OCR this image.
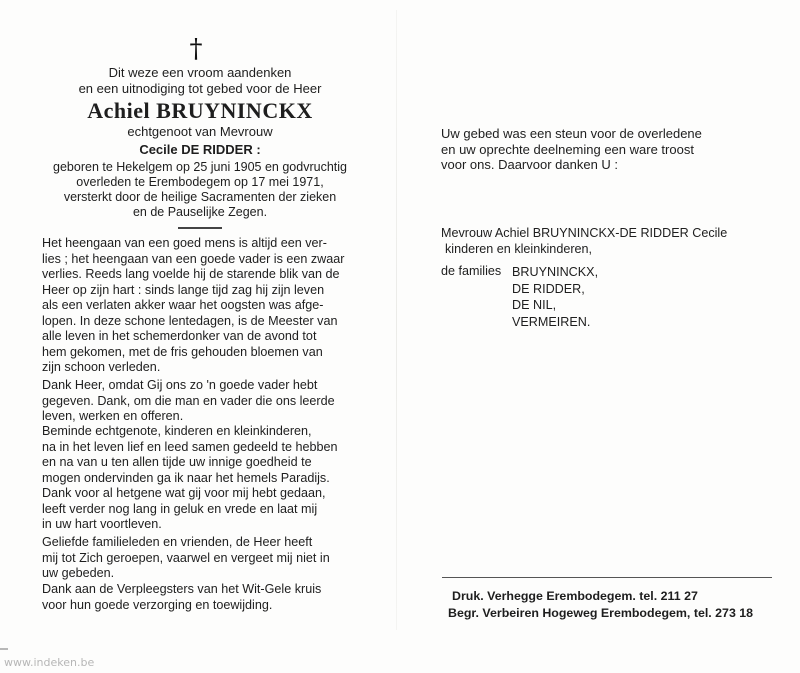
†
Dit weze een vroom aandenken
en een uitnodiging tot gebed voor de Heer
Achiel BRUYNINCKX
echtgenoot van Mevrouw
Cecile DE RIDDER :
geboren te Hekelgem op 25 juni 1905 en godvruchtig
overleden te Erembodegem op 17 mei 1971,
versterkt door de heilige Sacramenten der zieken
en de Pauselijke Zegen.
Het heengaan van een goed mens is altijd een ver-
lies ; het heengaan van een goede vader is een zwaar
verlies. Reeds lang voelde hij de starende blik van de
Heer op zijn hart : sinds lange tijd zag hij zijn leven
als een verlaten akker waar het oogsten was afge-
lopen. In deze schone lentedagen, is de Meester van
alle leven in het schemerdonker van de avond tot
hem gekomen, met de fris gehouden bloemen van
zijn schoon verleden.
Dank Heer, omdat Gij ons zo 'n goede vader hebt
gegeven. Dank, om die man en vader die ons leerde
leven, werken en offeren.
Beminde echtgenote, kinderen en kleinkinderen,
na in het leven lief en leed samen gedeeld te hebben
en na van u ten allen tijde uw innige goedheid te
mogen ondervinden ga ik naar het hemels Paradijs.
Dank voor al hetgene wat gij voor mij hebt gedaan,
leeft verder nog lang in geluk en vrede en laat mij
in uw hart voortleven.
Geliefde familieleden en vrienden, de Heer heeft
mij tot Zich geroepen, vaarwel en vergeet mij niet in
uw gebeden.
Dank aan de Verpleegsters van het Wit-Gele kruis
voor hun goede verzorging en toewijding.
Uw gebed was een steun voor de overledene
en uw oprechte deelneming een ware troost
voor ons. Daarvoor danken U :
Mevrouw Achiel BRUYNINCKX-DE RIDDER Cecile
kinderen en kleinkinderen,
de families BRUYNINCKX,
DE RIDDER,
DE NIL,
VERMEIREN.
Druk. Verhegge Erembodegem. tel. 211 27
Begr. Verbeiren Hogeweg Erembodegem, tel. 273 18
www.indeken.be
